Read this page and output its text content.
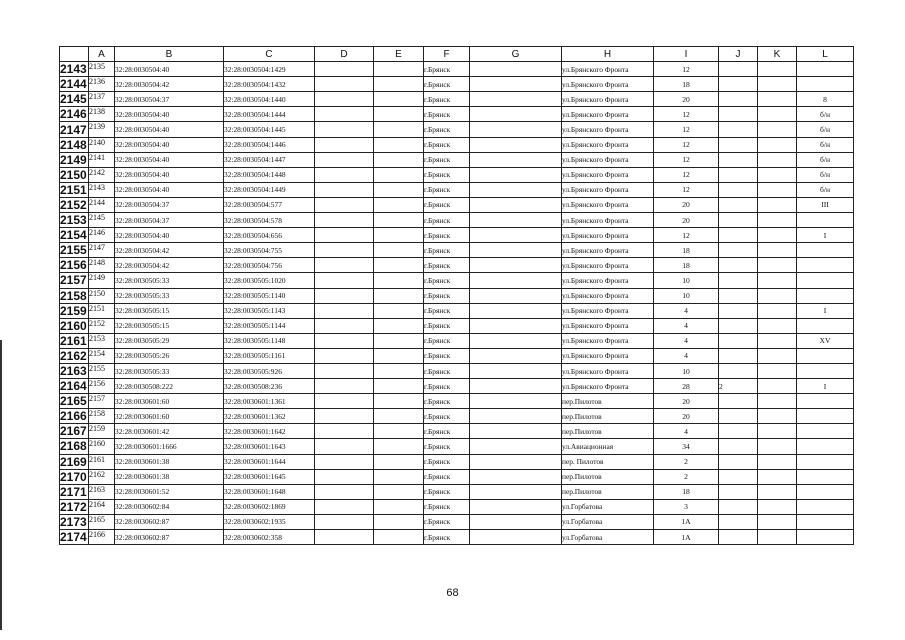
	A	B	C	D	E	F	G	H	I	J	K	L
2143	2135	32:28:0030504:40	32:28:0030504:1429			г.Брянск		ул.Брянского Фронта	12			
2144	2136	32:28:0030504:42	32:28:0030504:1432			г.Брянск		ул.Брянского Фронта	18			
2145	2137	32:28:0030504:37	32:28:0030504:1440			г.Брянск		ул.Брянского Фронта	20			8
2146	2138	32:28:0030504:40	32:28:0030504:1444			г.Брянск		ул.Брянского Фронта	12			б/н
2147	2139	32:28:0030504:40	32:28:0030504:1445			г.Брянск		ул.Брянского Фронта	12			б/н
2148	2140	32:28:0030504:40	32:28:0030504:1446			г.Брянск		ул.Брянского Фронта	12			б/н
2149	2141	32:28:0030504:40	32:28:0030504:1447			г.Брянск		ул.Брянского Фронта	12			б/н
2150	2142	32:28:0030504:40	32:28:0030504:1448			г.Брянск		ул.Брянского Фронта	12			б/н
2151	2143	32:28:0030504:40	32:28:0030504:1449			г.Брянск		ул.Брянского Фронта	12			б/н
2152	2144	32:28:0030504:37	32:28:0030504:577			г.Брянск		ул.Брянского Фронта	20			III
2153	2145	32:28:0030504:37	32:28:0030504:578			г.Брянск		ул.Брянского Фронта	20			
2154	2146	32:28:0030504:40	32:28:0030504:656			г.Брянск		ул.Брянского Фронта	12			I
2155	2147	32:28:0030504:42	32:28:0030504:755			г.Брянск		ул.Брянского Фронта	18			
2156	2148	32:28:0030504:42	32:28:0030504:756			г.Брянск		ул.Брянского Фронта	18			
2157	2149	32:28:0030505:33	32:28:0030505:1020			г.Брянск		ул.Брянского Фронта	10			
2158	2150	32:28:0030505:33	32:28:0030505:1140			г.Брянск		ул.Брянского Фронта	10			
2159	2151	32:28:0030505:15	32:28:0030505:1143			г.Брянск		ул.Брянского Фронта	4			I
2160	2152	32:28:0030505:15	32:28:0030505:1144			г.Брянск		ул.Брянского Фронта	4			
2161	2153	32:28:0030505:29	32:28:0030505:1148			г.Брянск		ул.Брянского Фронта	4			XV
2162	2154	32:28:0030505:26	32:28:0030505:1161			г.Брянск		ул.Брянского Фронта	4			
2163	2155	32:28:0030505:33	32:28:0030505:926			г.Брянск		ул.Брянского Фронта	10			
2164	2156	32:28:0030508:222	32:28:0030508:236			г.Брянск		ул.Брянского Фронта	28	2		I
2165	2157	32:28:0030601:60	32:28:0030601:1361			г.Брянск		пер.Пилотов	20			
2166	2158	32:28:0030601:60	32:28:0030601:1362			г.Брянск		пер.Пилотов	20			
2167	2159	32:28:0030601:42	32:28:0030601:1642			г.Брянск		пер.Пилотов	4			
2168	2160	32:28:0030601:1666	32:28:0030601:1643			г.Брянск		ул.Авиационная	34			
2169	2161	32:28:0030601:38	32:28:0030601:1644			г.Брянск		пер. Пилотов	2			
2170	2162	32:28:0030601:38	32:28:0030601:1645			г.Брянск		пер.Пилотов	2			
2171	2163	32:28:0030601:52	32:28:0030601:1648			г.Брянск		пер.Пилотов	18			
2172	2164	32:28:0030602:84	32:28:0030602:1869			г.Брянск		ул.Горбатова	3			
2173	2165	32:28:0030602:87	32:28:0030602:1935			г.Брянск		ул.Горбатова	1А			
2174	2166	32:28:0030602:87	32:28:0030602:358			г.Брянск		ул.Горбатова	1А			
68
